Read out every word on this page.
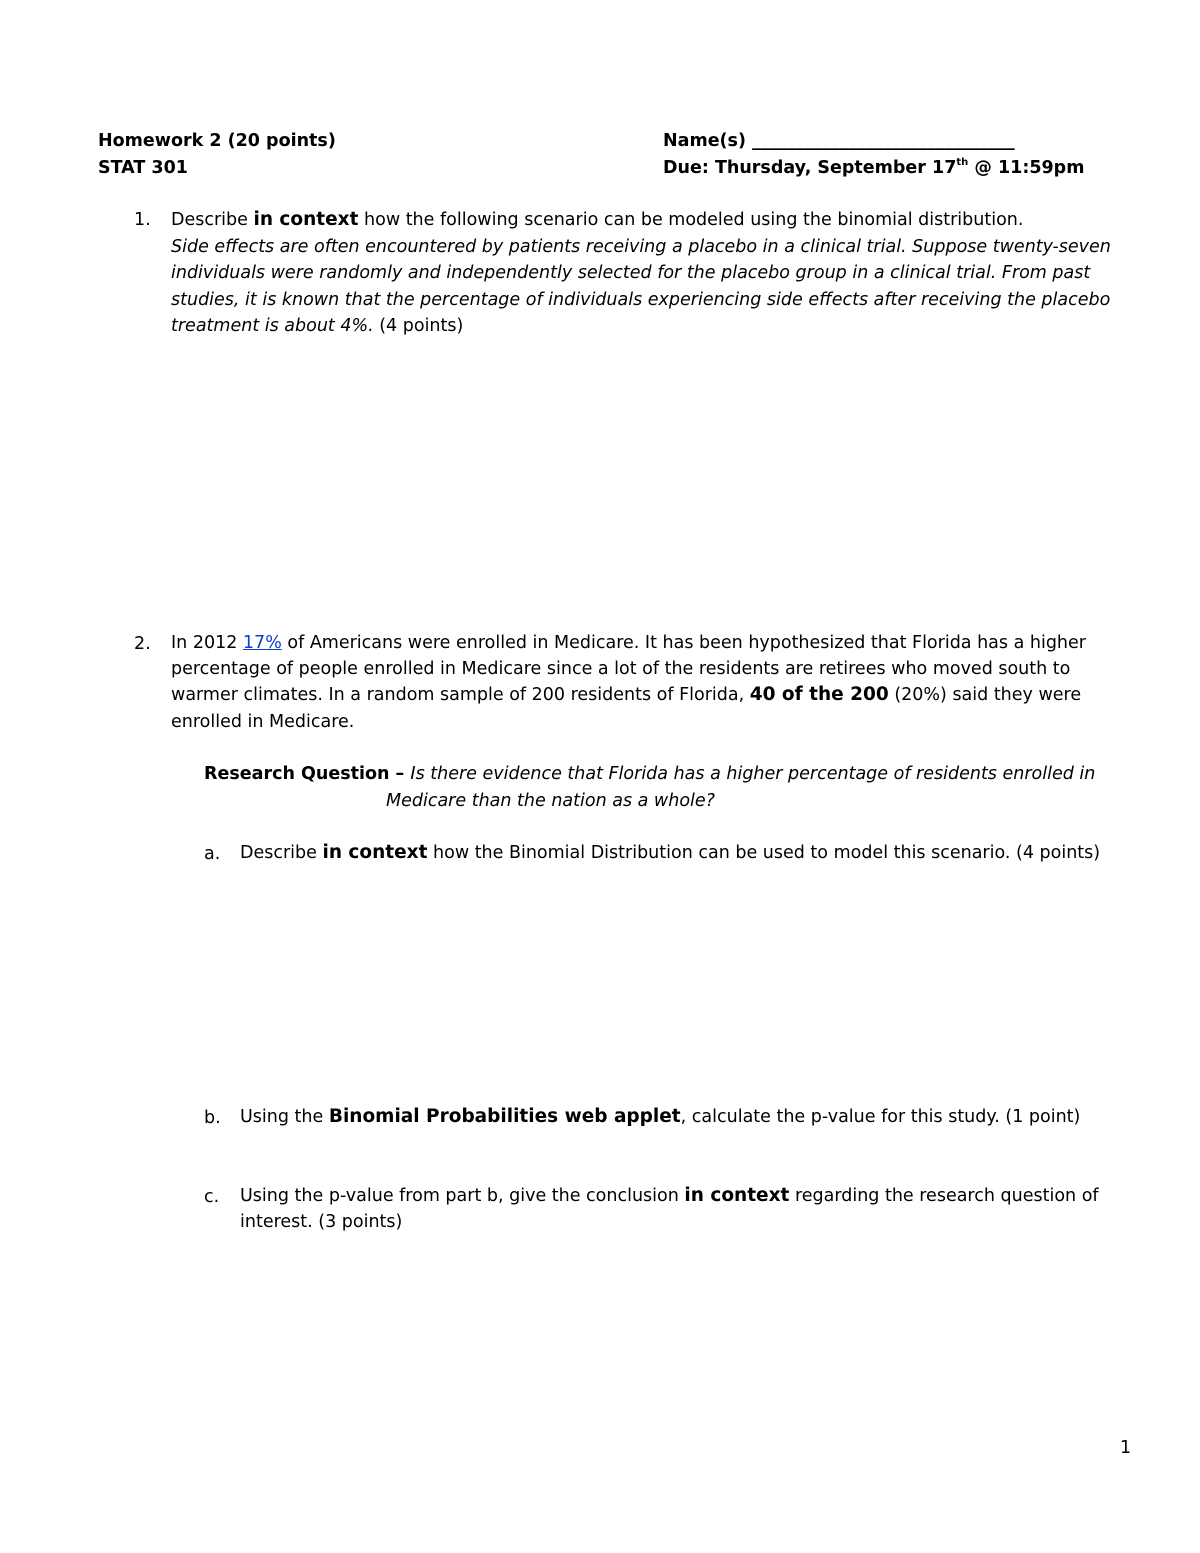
Homework 2 (20 points)
STAT 301
Name(s) ______________________________
Due: Thursday, September 17th @ 11:59pm
1. Describe in context how the following scenario can be modeled using the binomial distribution.
Side effects are often encountered by patients receiving a placebo in a clinical trial. Suppose twenty-seven
individuals were randomly and independently selected for the placebo group in a clinical trial. From past
studies, it is known that the percentage of individuals experiencing side effects after receiving the placebo
treatment is about 4%. (4 points)
2. In 2012 17% of Americans were enrolled in Medicare. It has been hypothesized that Florida has a higher
percentage of people enrolled in Medicare since a lot of the residents are retirees who moved south to
warmer climates. In a random sample of 200 residents of Florida, 40 of the 200 (20%) said they were
enrolled in Medicare.
Research Question – Is there evidence that Florida has a higher percentage of residents enrolled in
Medicare than the nation as a whole?
a. Describe in context how the Binomial Distribution can be used to model this scenario. (4 points)
b. Using the Binomial Probabilities web applet, calculate the p-value for this study. (1 point)
c. Using the p-value from part b, give the conclusion in context regarding the research question of
interest. (3 points)
1
